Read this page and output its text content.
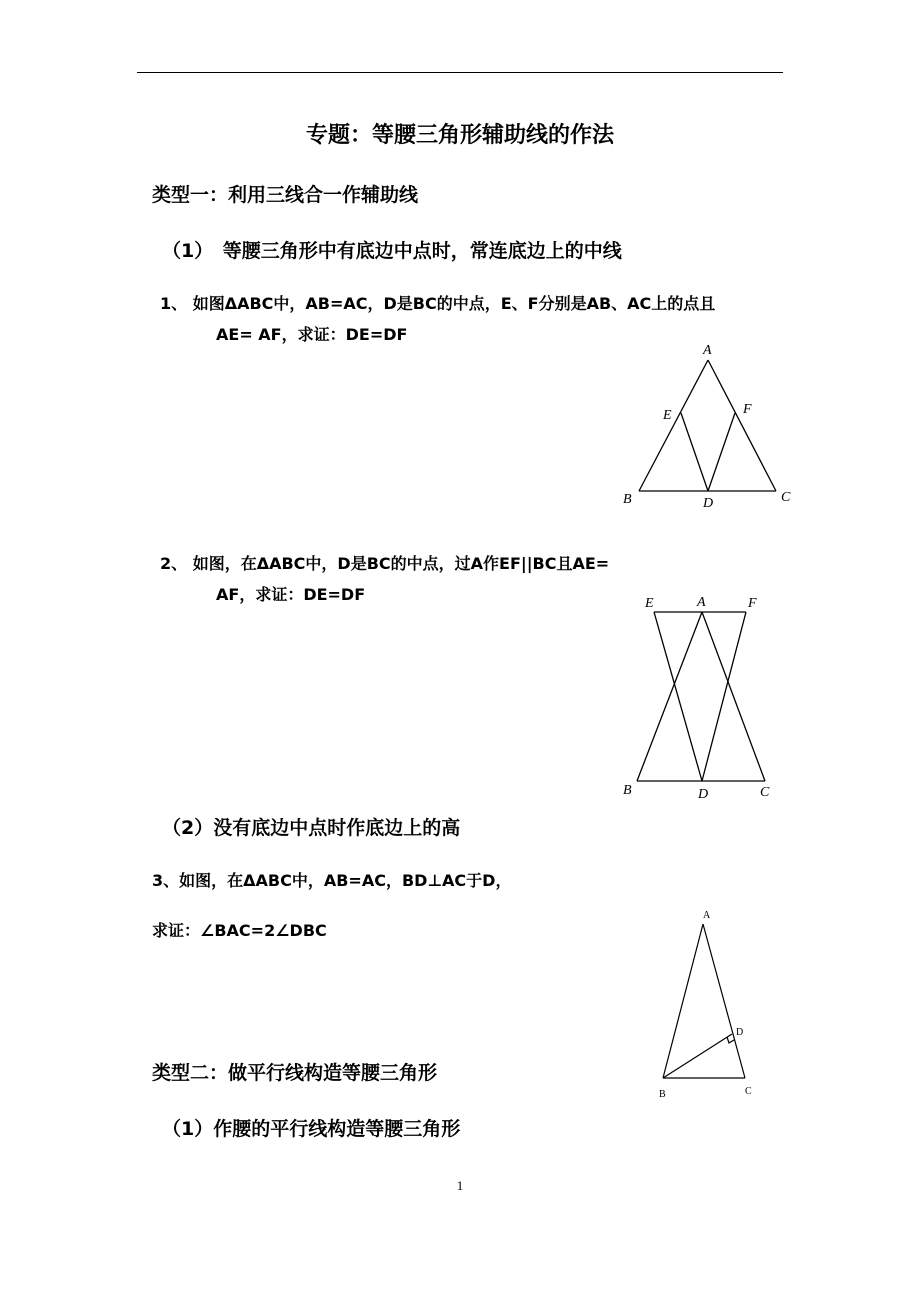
专题：等腰三角形辅助线的作法
类型一：利用三线合一作辅助线
（1）　等腰三角形中有底边中点时，常连底边上的中线
1、 如图ΔABC中，AB=AC，D是BC的中点，E、F分别是AB、AC上的点且
AE= AF，求证：DE=DF
A
E	F
B	D	C
2、 如图，在ΔABC中，D是BC的中点，过A作EF||BC且AE=
AF，求证：DE=DF	E	A	F
B	D	C
（2）没有底边中点时作底边上的高
3、如图，在ΔABC中，AB=AC，BD⊥AC于D，
求证：∠BAC=2∠DBC
A
D
B	C
类型二：做平行线构造等腰三角形
（1）作腰的平行线构造等腰三角形
1
